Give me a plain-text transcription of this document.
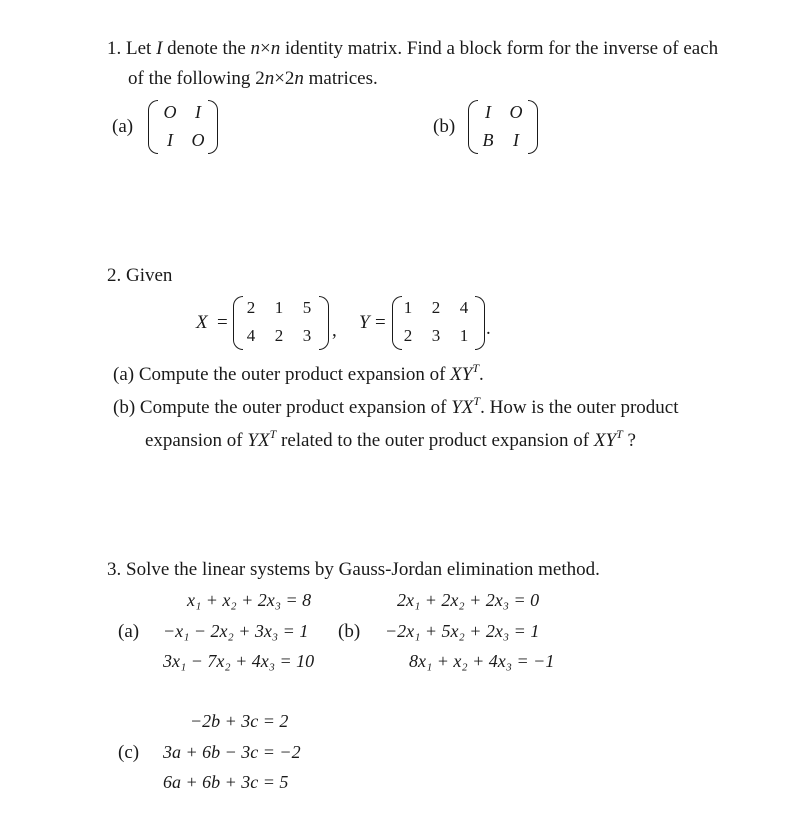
1. Let I denote the n×n identity matrix. Find a block form for the inverse of each
of the following 2n×2n matrices.
(a)
O I
I O
(b)
I O
B I
2. Given
X =
2 1 5
4 2 3 , Y =
1 2 4
2 3 1 .
(a) Compute the outer product expansion of $XY^T$.
(b) Compute the outer product expansion of $YX^T$. How is the outer product
expansion of $YX^T$ related to the outer product expansion of $XY^T$ ?
3. Solve the linear systems by Gauss-Jordan elimination method.
(a)
x₁ + x₂ + 2x₃ = 8
−x₁ − 2x₂ + 3x₃ = 1
3x₁ − 7x₂ + 4x₃ = 10
(b)
2x₁ + 2x₂ + 2x₃ = 0
−2x₁ + 5x₂ + 2x₃ = 1
8x₁ + x₂ + 4x₃ = −1
(c)
−2b + 3c = 2
3a + 6b − 3c = −2
6a + 6b + 3c = 5
